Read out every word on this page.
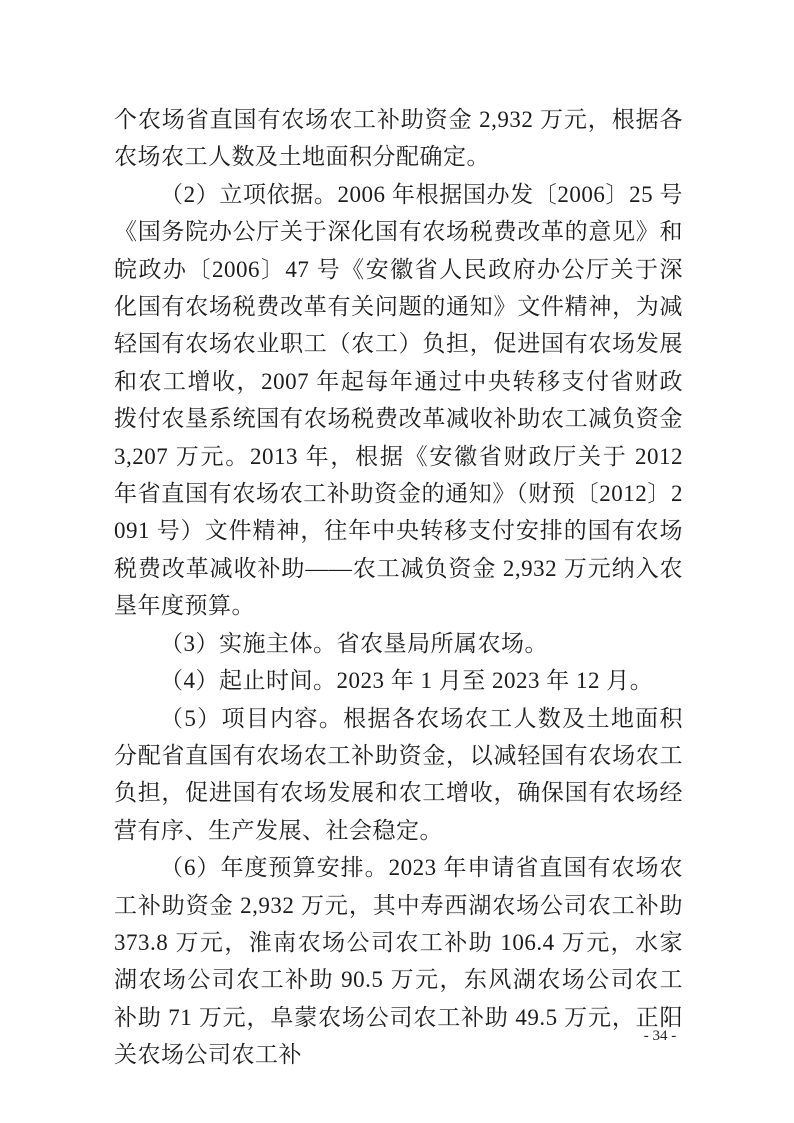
个农场省直国有农场农工补助资金 2,932 万元，根据各农场农工人数及土地面积分配确定。

（2）立项依据。2006 年根据国办发〔2006〕25 号《国务院办公厅关于深化国有农场税费改革的意见》和皖政办〔2006〕47 号《安徽省人民政府办公厅关于深化国有农场税费改革有关问题的通知》文件精神，为减轻国有农场农业职工（农工）负担，促进国有农场发展和农工增收，2007 年起每年通过中央转移支付省财政拨付农垦系统国有农场税费改革减收补助农工减负资金 3,207 万元。2013 年，根据《安徽省财政厅关于 2012 年省直国有农场农工补助资金的通知》（财预〔2012〕2091 号）文件精神，往年中央转移支付安排的国有农场税费改革减收补助——农工减负资金 2,932 万元纳入农垦年度预算。

（3）实施主体。省农垦局所属农场。

（4）起止时间。2023 年 1 月至 2023 年 12 月。

（5）项目内容。根据各农场农工人数及土地面积分配省直国有农场农工补助资金，以减轻国有农场农工负担，促进国有农场发展和农工增收，确保国有农场经营有序、生产发展、社会稳定。

（6）年度预算安排。2023 年申请省直国有农场农工补助资金 2,932 万元，其中寿西湖农场公司农工补助 373.8 万元，淮南农场公司农工补助 106.4 万元，水家湖农场公司农工补助 90.5 万元，东风湖农场公司农工补助 71 万元，阜蒙农场公司农工补助 49.5 万元，正阳关农场公司农工补

- 34 -
